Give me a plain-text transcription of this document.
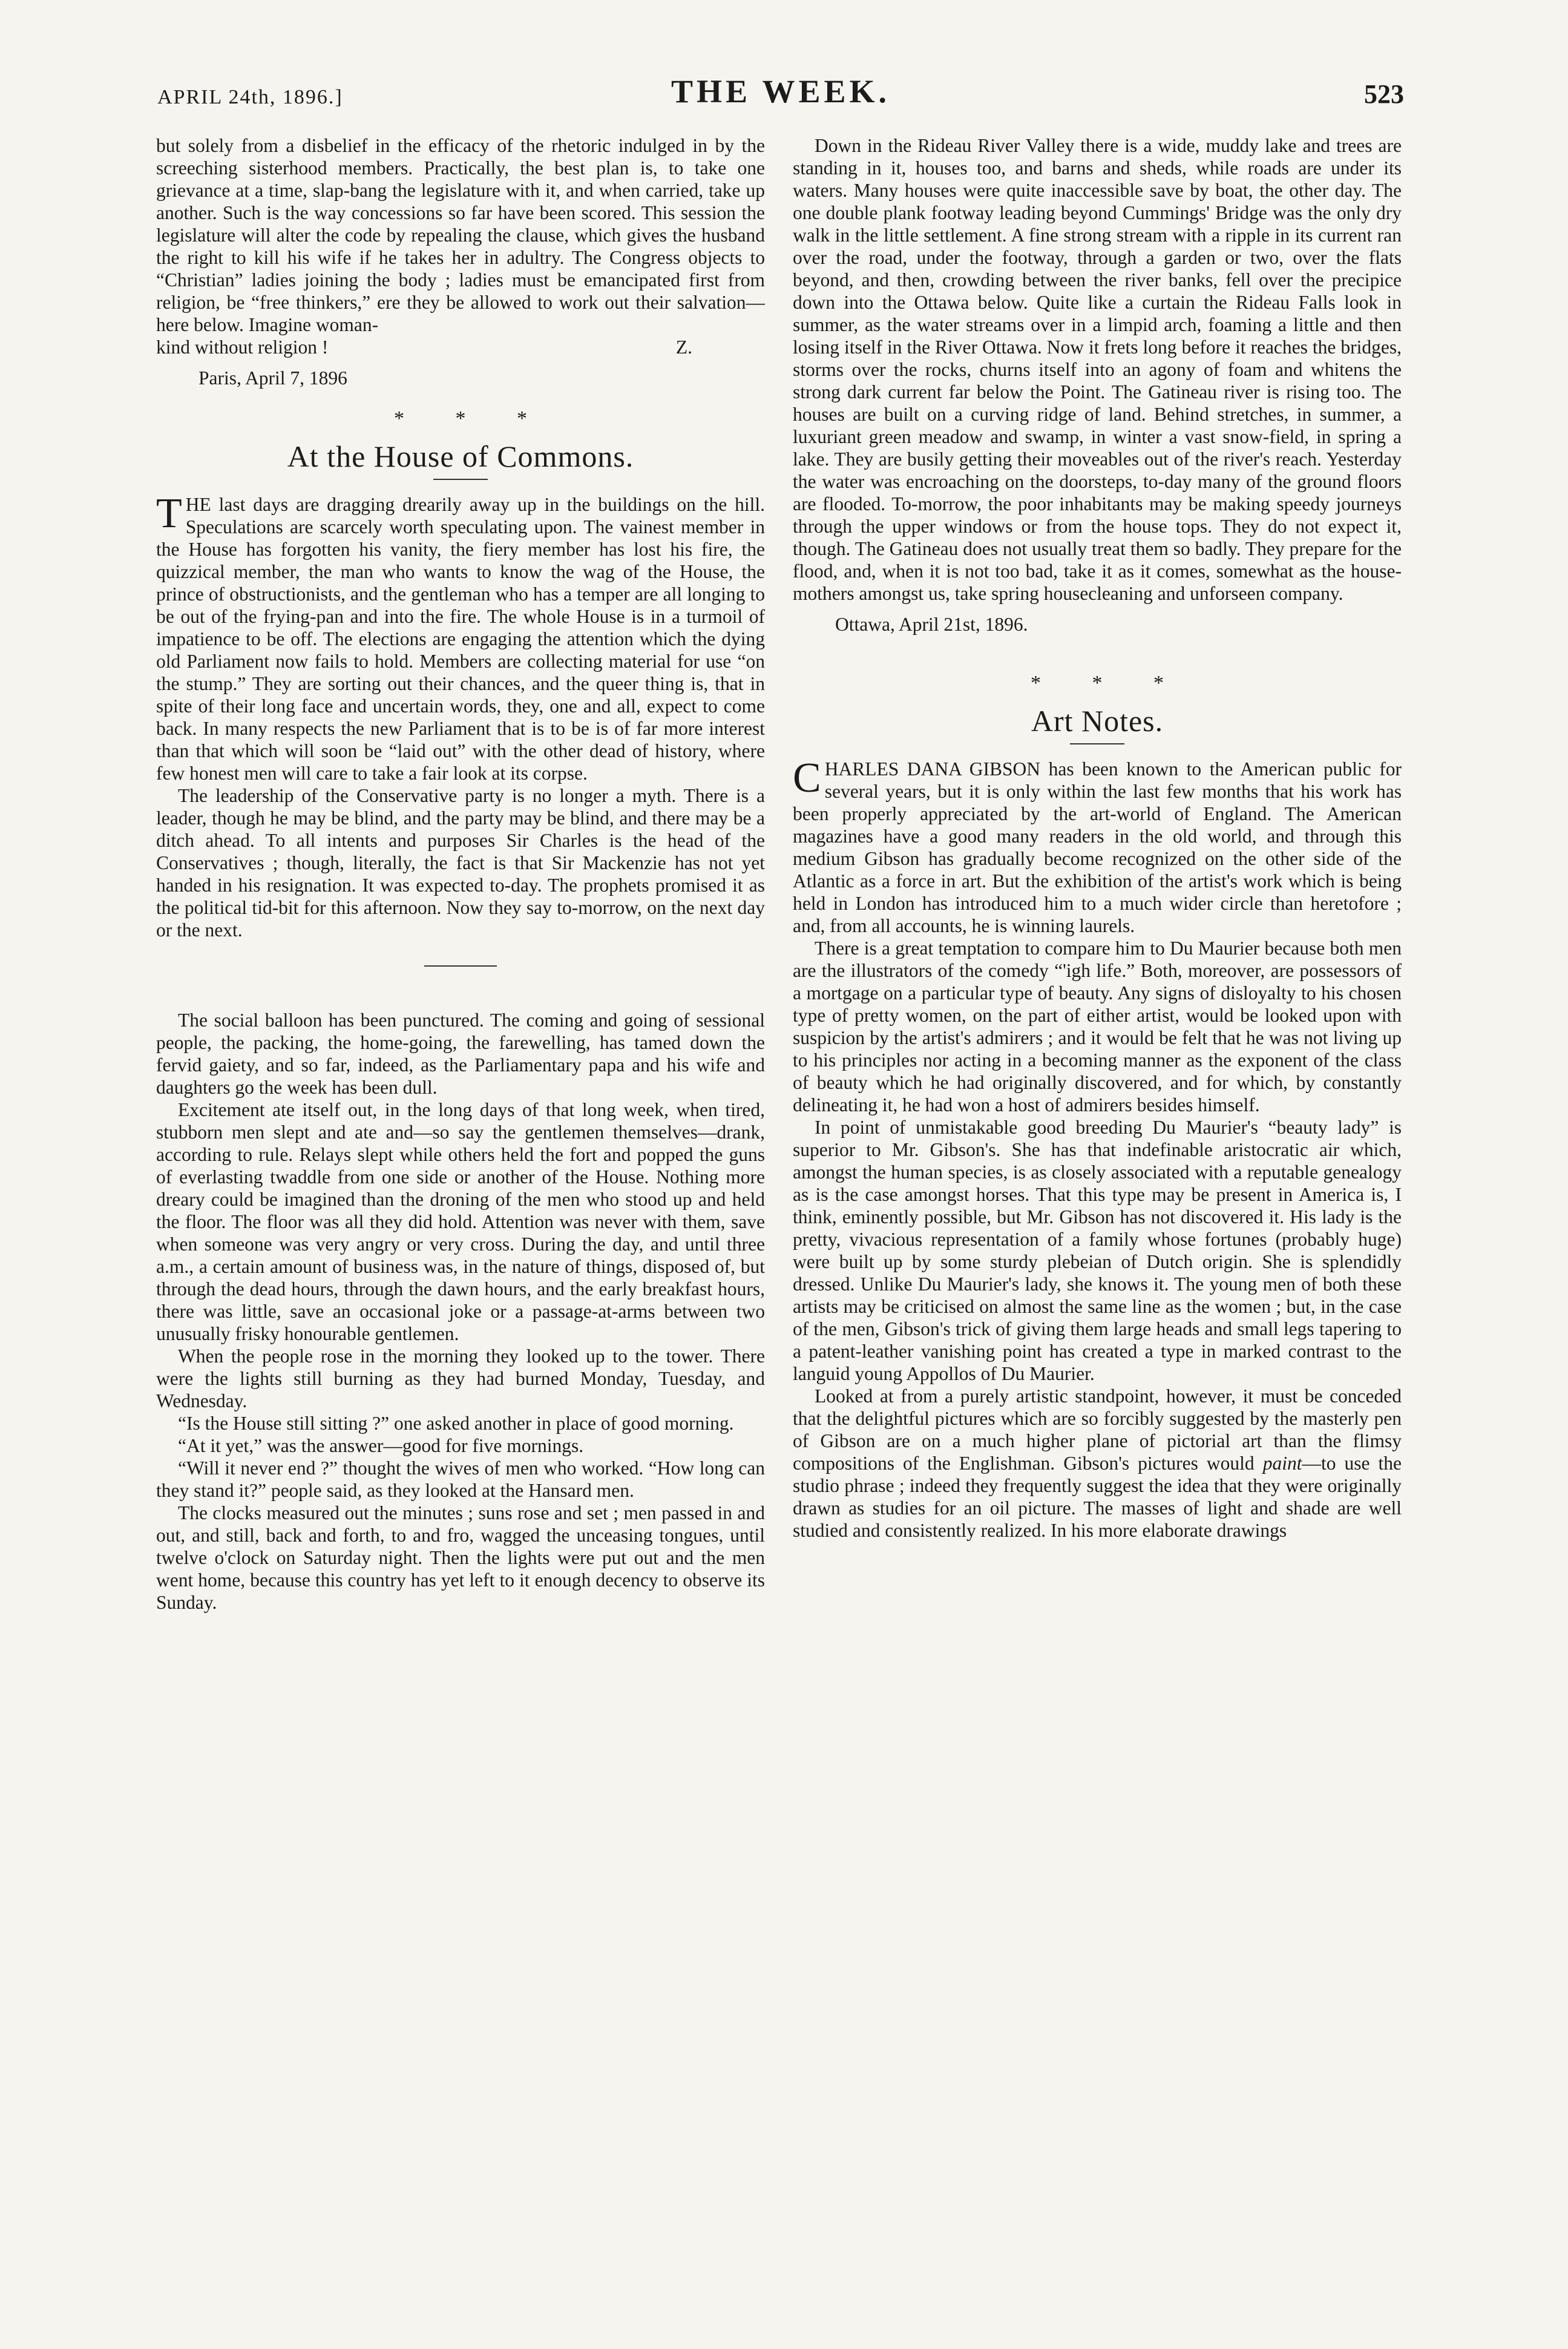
APRIL 24th, 1896.]	THE WEEK.	523

but solely from a disbelief in the efficacy of the rhetoric indulged in by the screeching sisterhood members. Practically, the best plan is, to take one grievance at a time, slap-bang the legislature with it, and when carried, take up another. Such is the way concessions so far have been scored. This session the legislature will alter the code by repealing the clause, which gives the husband the right to kill his wife if he takes her in adultry. The Congress objects to “Christian” ladies joining the body ; ladies must be emancipated first from religion, be “free thinkers,” ere they be allowed to work out their salvation—here below. Imagine woman-

kind without religion !	Z.
Paris, April 7, 1896
* * *
At the House of Commons.

THE last days are dragging drearily away up in the buildings on the hill. Speculations are scarcely worth speculating upon. The vainest member in the House has forgotten his vanity, the fiery member has lost his fire, the quizzical member, the man who wants to know the wag of the House, the prince of obstructionists, and the gentleman who has a temper are all longing to be out of the frying-pan and into the fire. The whole House is in a turmoil of impatience to be off. The elections are engaging the attention which the dying old Parliament now fails to hold. Members are collecting material for use “on the stump.” They are sorting out their chances, and the queer thing is, that in spite of their long face and uncertain words, they, one and all, expect to come back. In many respects the new Parliament that is to be is of far more interest than that which will soon be “laid out” with the other dead of history, where few honest men will care to take a fair look at its corpse.

The leadership of the Conservative party is no longer a myth. There is a leader, though he may be blind, and the party may be blind, and there may be a ditch ahead. To all intents and purposes Sir Charles is the head of the Conservatives ; though, literally, the fact is that Sir Mackenzie has not yet handed in his resignation. It was expected to-day. The prophets promised it as the political tid-bit for this afternoon. Now they say to-morrow, on the next day or the next.

The social balloon has been punctured. The coming and going of sessional people, the packing, the home-going, the farewelling, has tamed down the fervid gaiety, and so far, indeed, as the Parliamentary papa and his wife and daughters go the week has been dull.

Excitement ate itself out, in the long days of that long week, when tired, stubborn men slept and ate and—so say the gentlemen themselves—drank, according to rule. Relays slept while others held the fort and popped the guns of everlasting twaddle from one side or another of the House. Nothing more dreary could be imagined than the droning of the men who stood up and held the floor. The floor was all they did hold. Attention was never with them, save when someone was very angry or very cross. During the day, and until three a.m., a certain amount of business was, in the nature of things, disposed of, but through the dead hours, through the dawn hours, and the early breakfast hours, there was little, save an occasional joke or a passage-at-arms between two unusually frisky honourable gentlemen.

When the people rose in the morning they looked up to the tower. There were the lights still burning as they had burned Monday, Tuesday, and Wednesday.

“Is the House still sitting ?” one asked another in place of good morning.

“At it yet,” was the answer—good for five mornings.

“Will it never end ?” thought the wives of men who worked. “How long can they stand it?” people said, as they looked at the Hansard men.

The clocks measured out the minutes ; suns rose and set ; men passed in and out, and still, back and forth, to and fro, wagged the unceasing tongues, until twelve o'clock on Saturday night. Then the lights were put out and the men went home, because this country has yet left to it enough decency to observe its Sunday.

Down in the Rideau River Valley there is a wide, muddy lake and trees are standing in it, houses too, and barns and sheds, while roads are under its waters. Many houses were quite inaccessible save by boat, the other day. The one double plank footway leading beyond Cummings' Bridge was the only dry walk in the little settlement. A fine strong stream with a ripple in its current ran over the road, under the footway, through a garden or two, over the flats beyond, and then, crowding between the river banks, fell over the precipice down into the Ottawa below. Quite like a curtain the Rideau Falls look in summer, as the water streams over in a limpid arch, foaming a little and then losing itself in the River Ottawa. Now it frets long before it reaches the bridges, storms over the rocks, churns itself into an agony of foam and whitens the strong dark current far below the Point. The Gatineau river is rising too. The houses are built on a curving ridge of land. Behind stretches, in summer, a luxuriant green meadow and swamp, in winter a vast snow-field, in spring a lake. They are busily getting their moveables out of the river's reach. Yesterday the water was encroaching on the doorsteps, to-day many of the ground floors are flooded. To-morrow, the poor inhabitants may be making speedy journeys through the upper windows or from the house tops. They do not expect it, though. The Gatineau does not usually treat them so badly. They prepare for the flood, and, when it is not too bad, take it as it comes, somewhat as the house-mothers amongst us, take spring housecleaning and unforseen company.

Ottawa, April 21st, 1896.
* * *
Art Notes.

CHARLES DANA GIBSON has been known to the American public for several years, but it is only within the last few months that his work has been properly appreciated by the art-world of England. The American magazines have a good many readers in the old world, and through this medium Gibson has gradually become recognized on the other side of the Atlantic as a force in art. But the exhibition of the artist's work which is being held in London has introduced him to a much wider circle than heretofore ; and, from all accounts, he is winning laurels.

There is a great temptation to compare him to Du Maurier because both men are the illustrators of the comedy “'igh life.” Both, moreover, are possessors of a mortgage on a particular type of beauty. Any signs of disloyalty to his chosen type of pretty women, on the part of either artist, would be looked upon with suspicion by the artist's admirers ; and it would be felt that he was not living up to his principles nor acting in a becoming manner as the exponent of the class of beauty which he had originally discovered, and for which, by constantly delineating it, he had won a host of admirers besides himself.

In point of unmistakable good breeding Du Maurier's “beauty lady” is superior to Mr. Gibson's. She has that indefinable aristocratic air which, amongst the human species, is as closely associated with a reputable genealogy as is the case amongst horses. That this type may be present in America is, I think, eminently possible, but Mr. Gibson has not discovered it. His lady is the pretty, vivacious representation of a family whose fortunes (probably huge) were built up by some sturdy plebeian of Dutch origin. She is splendidly dressed. Unlike Du Maurier's lady, she knows it. The young men of both these artists may be criticised on almost the same line as the women ; but, in the case of the men, Gibson's trick of giving them large heads and small legs tapering to a patent-leather vanishing point has created a type in marked contrast to the languid young Appollos of Du Maurier.

Looked at from a purely artistic standpoint, however, it must be conceded that the delightful pictures which are so forcibly suggested by the masterly pen of Gibson are on a much higher plane of pictorial art than the flimsy compositions of the Englishman. Gibson's pictures would paint—to use the studio phrase ; indeed they frequently suggest the idea that they were originally drawn as studies for an oil picture. The masses of light and shade are well studied and consistently realized. In his more elaborate drawings
